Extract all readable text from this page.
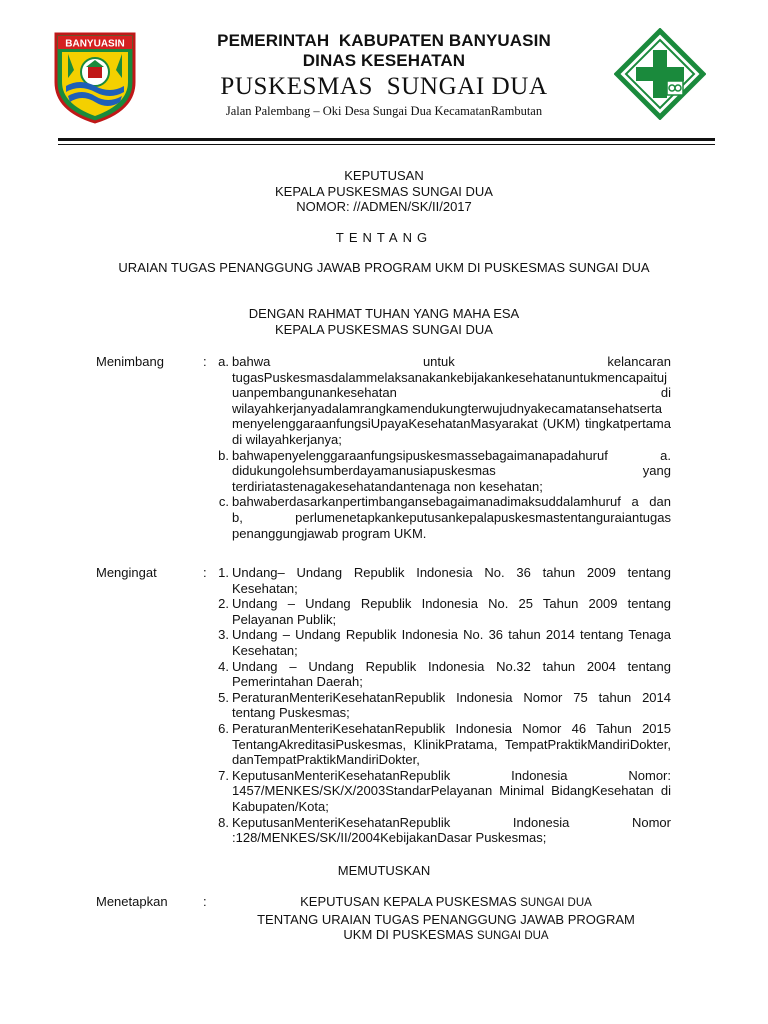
BANYUASIN	PEMERINTAH  KABUPATEN BANYUASIN
DINAS KESEHATAN
PUSKESMAS  SUNGAI DUA
Jalan Palembang – Oki Desa Sungai Dua KecamatanRambutan
KEPUTUSAN
KEPALA PUSKESMAS SUNGAI DUA
NOMOR: //ADMEN/SK/II/2017
TENTANG
URAIAN TUGAS PENANGGUNG JAWAB PROGRAM UKM DI PUSKESMAS SUNGAI DUA
DENGAN RAHMAT TUHAN YANG MAHA ESA
KEPALA PUSKESMAS SUNGAI DUA
Menimbang	: a. bahwa untuk kelancaran tugasPuskesmasdalammelaksanakankebijakankesehatanuntukmencapaitujuanpembangunankesehatan di wilayahkerjanyadalamrangkamendukungterwujudnyakecamatansehatsertamenyelenggaraanfungsiUpayaKesehatanMasyarakat (UKM) tingkatpertama di wilayahkerjanya;
b. bahwapenyelenggaraanfungsipuskesmassebagaimanapadahuruf a. didukungolehsumberdayamanusiapuskesmas yang terdiriatastenagakesehatandantenaga non kesehatan;
c. bahwaberdasarkanpertimbangansebagaimanadimaksuddalamhuruf a dan b, perlumenetapkankeputusankepalapuskesmastentanguraiantugas penanggungjawab program UKM.
Mengingat	: 1. Undang– Undang Republik Indonesia No. 36 tahun 2009 tentang Kesehatan;
2. Undang – Undang Republik Indonesia No. 25 Tahun 2009 tentang Pelayanan Publik;
3. Undang – Undang Republik Indonesia No. 36 tahun 2014 tentang Tenaga Kesehatan;
4. Undang – Undang Republik Indonesia No.32 tahun 2004 tentang Pemerintahan Daerah;
5. PeraturanMenteriKesehatanRepublik Indonesia Nomor 75 tahun 2014 tentang Puskesmas;
6. PeraturanMenteriKesehatanRepublik Indonesia Nomor 46 Tahun 2015 TentangAkreditasiPuskesmas, KlinikPratama, TempatPraktikMandiriDokter, danTempatPraktikMandiriDokter,
7. KeputusanMenteriKesehatanRepublik Indonesia Nomor: 1457/MENKES/SK/X/2003StandarPelayanan Minimal BidangKesehatan di Kabupaten/Kota;
8. KeputusanMenteriKesehatanRepublik Indonesia Nomor :128/MENKES/SK/II/2004KebijakanDasar Puskesmas;
MEMUTUSKAN
Menetapkan	:	KEPUTUSAN KEPALA PUSKESMAS SUNGAI DUA
TENTANG URAIAN TUGAS PENANGGUNG JAWAB PROGRAM
UKM DI PUSKESMAS SUNGAI DUA
